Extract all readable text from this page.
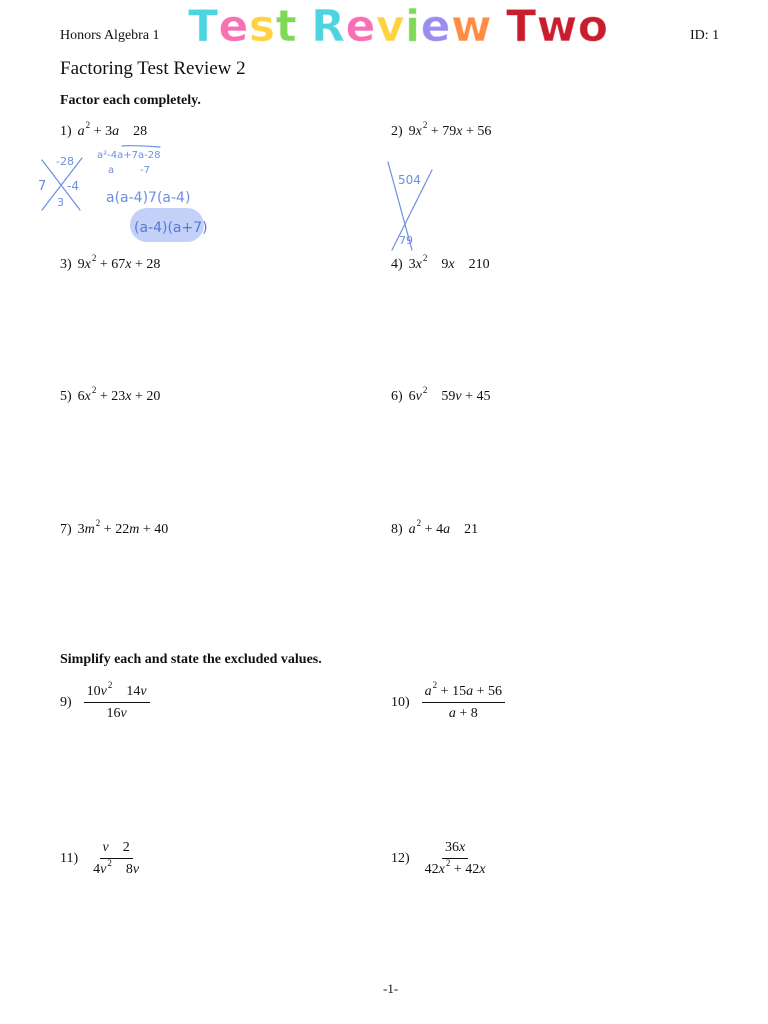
Honors Algebra 1 Test Review Two	ID: 1
Factoring Test Review 2
Factor each completely.
1) $a^2 + 3a$ 28	2) $9x^2 + 79x + 56$
-28
7 -4
3
a²-4a+7a-28
a	-7
a(a-4)7(a-4)
(a-4)(a+7)
504
79
3) $9x^2 + 67x + 28$	4) $3x^2$ 9x 210
5) $6x^2 + 23x + 20$	6) $6v^2$ 59v + 45
7) $3m^2 + 22m + 40$	8) $a^2 + 4a$ 21
Simplify each and state the excluded values.
$9) \frac{10v^2 14v}{16v}$	$10) \frac{a^2 + 15a + 56}{a + 8}$
$11) \frac{v 2}{4v^2 8v}$	$12) \frac{36x}{42x^2 + 42x}$
-1-
